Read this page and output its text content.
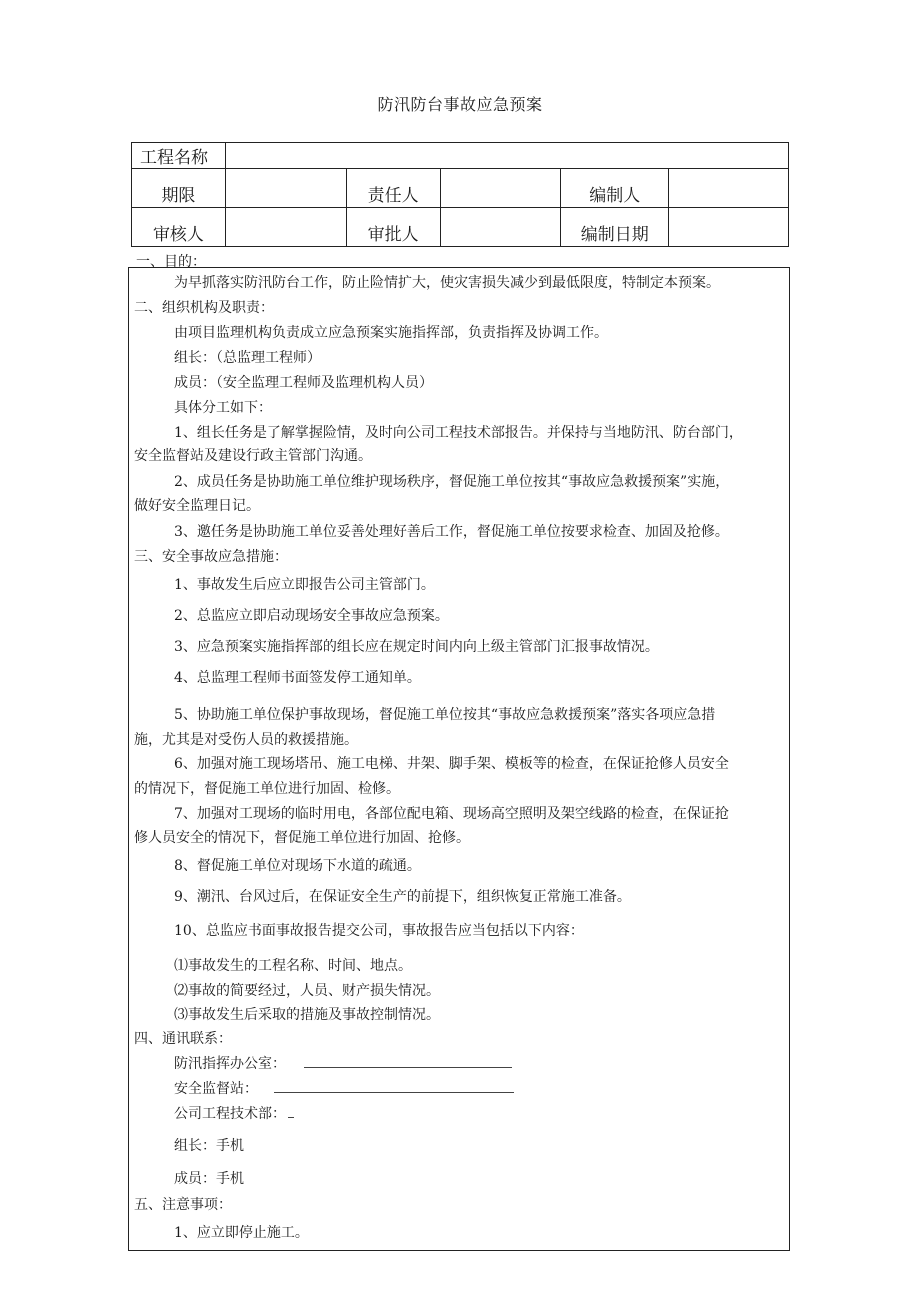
防汛防台事故应急预案
工程名称					
期限		责任人		编制人	
审核人		审批人		编制日期	
一、目的：
为早抓落实防汛防台工作，防止险情扩大，使灾害损失减少到最低限度，特制定本预案。
二、组织机构及职责：
由项目监理机构负责成立应急预案实施指挥部，负责指挥及协调工作。
组长：（总监理工程师）
成员：（安全监理工程师及监理机构人员）
具体分工如下：
1、组长任务是了解掌握险情，及时向公司工程技术部报告。并保持与当地防汛、防台部门，
安全监督站及建设行政主管部门沟通。
2、成员任务是协助施工单位维护现场秩序，督促施工单位按其“事故应急救援预案”实施，
做好安全监理日记。
3、邀任务是协助施工单位妥善处理好善后工作，督促施工单位按要求检查、加固及抢修。
三、安全事故应急措施：
1、事故发生后应立即报告公司主管部门。
2、总监应立即启动现场安全事故应急预案。
3、应急预案实施指挥部的组长应在规定时间内向上级主管部门汇报事故情况。
4、总监理工程师书面签发停工通知单。
5、协助施工单位保护事故现场，督促施工单位按其“事故应急救援预案”落实各项应急措
施，尤其是对受伤人员的救援措施。
6、加强对施工现场塔吊、施工电梯、井架、脚手架、模板等的检查，在保证抢修人员安全
的情况下，督促施工单位进行加固、检修。
7、加强对工现场的临时用电，各部位配电箱、现场高空照明及架空线路的检查，在保证抢
修人员安全的情况下，督促施工单位进行加固、抢修。
8、督促施工单位对现场下水道的疏通。
9、潮汛、台风过后，在保证安全生产的前提下，组织恢复正常施工准备。
10、总监应书面事故报告提交公司，事故报告应当包括以下内容：
⑴事故发生的工程名称、时间、地点。
⑵事故的简要经过，人员、财产损失情况。
⑶事故发生后采取的措施及事故控制情况。
四、通讯联系：
防汛指挥办公室：
安全监督站：
公司工程技术部：
组长：手机
成员：手机
五、注意事项：
1、应立即停止施工。
